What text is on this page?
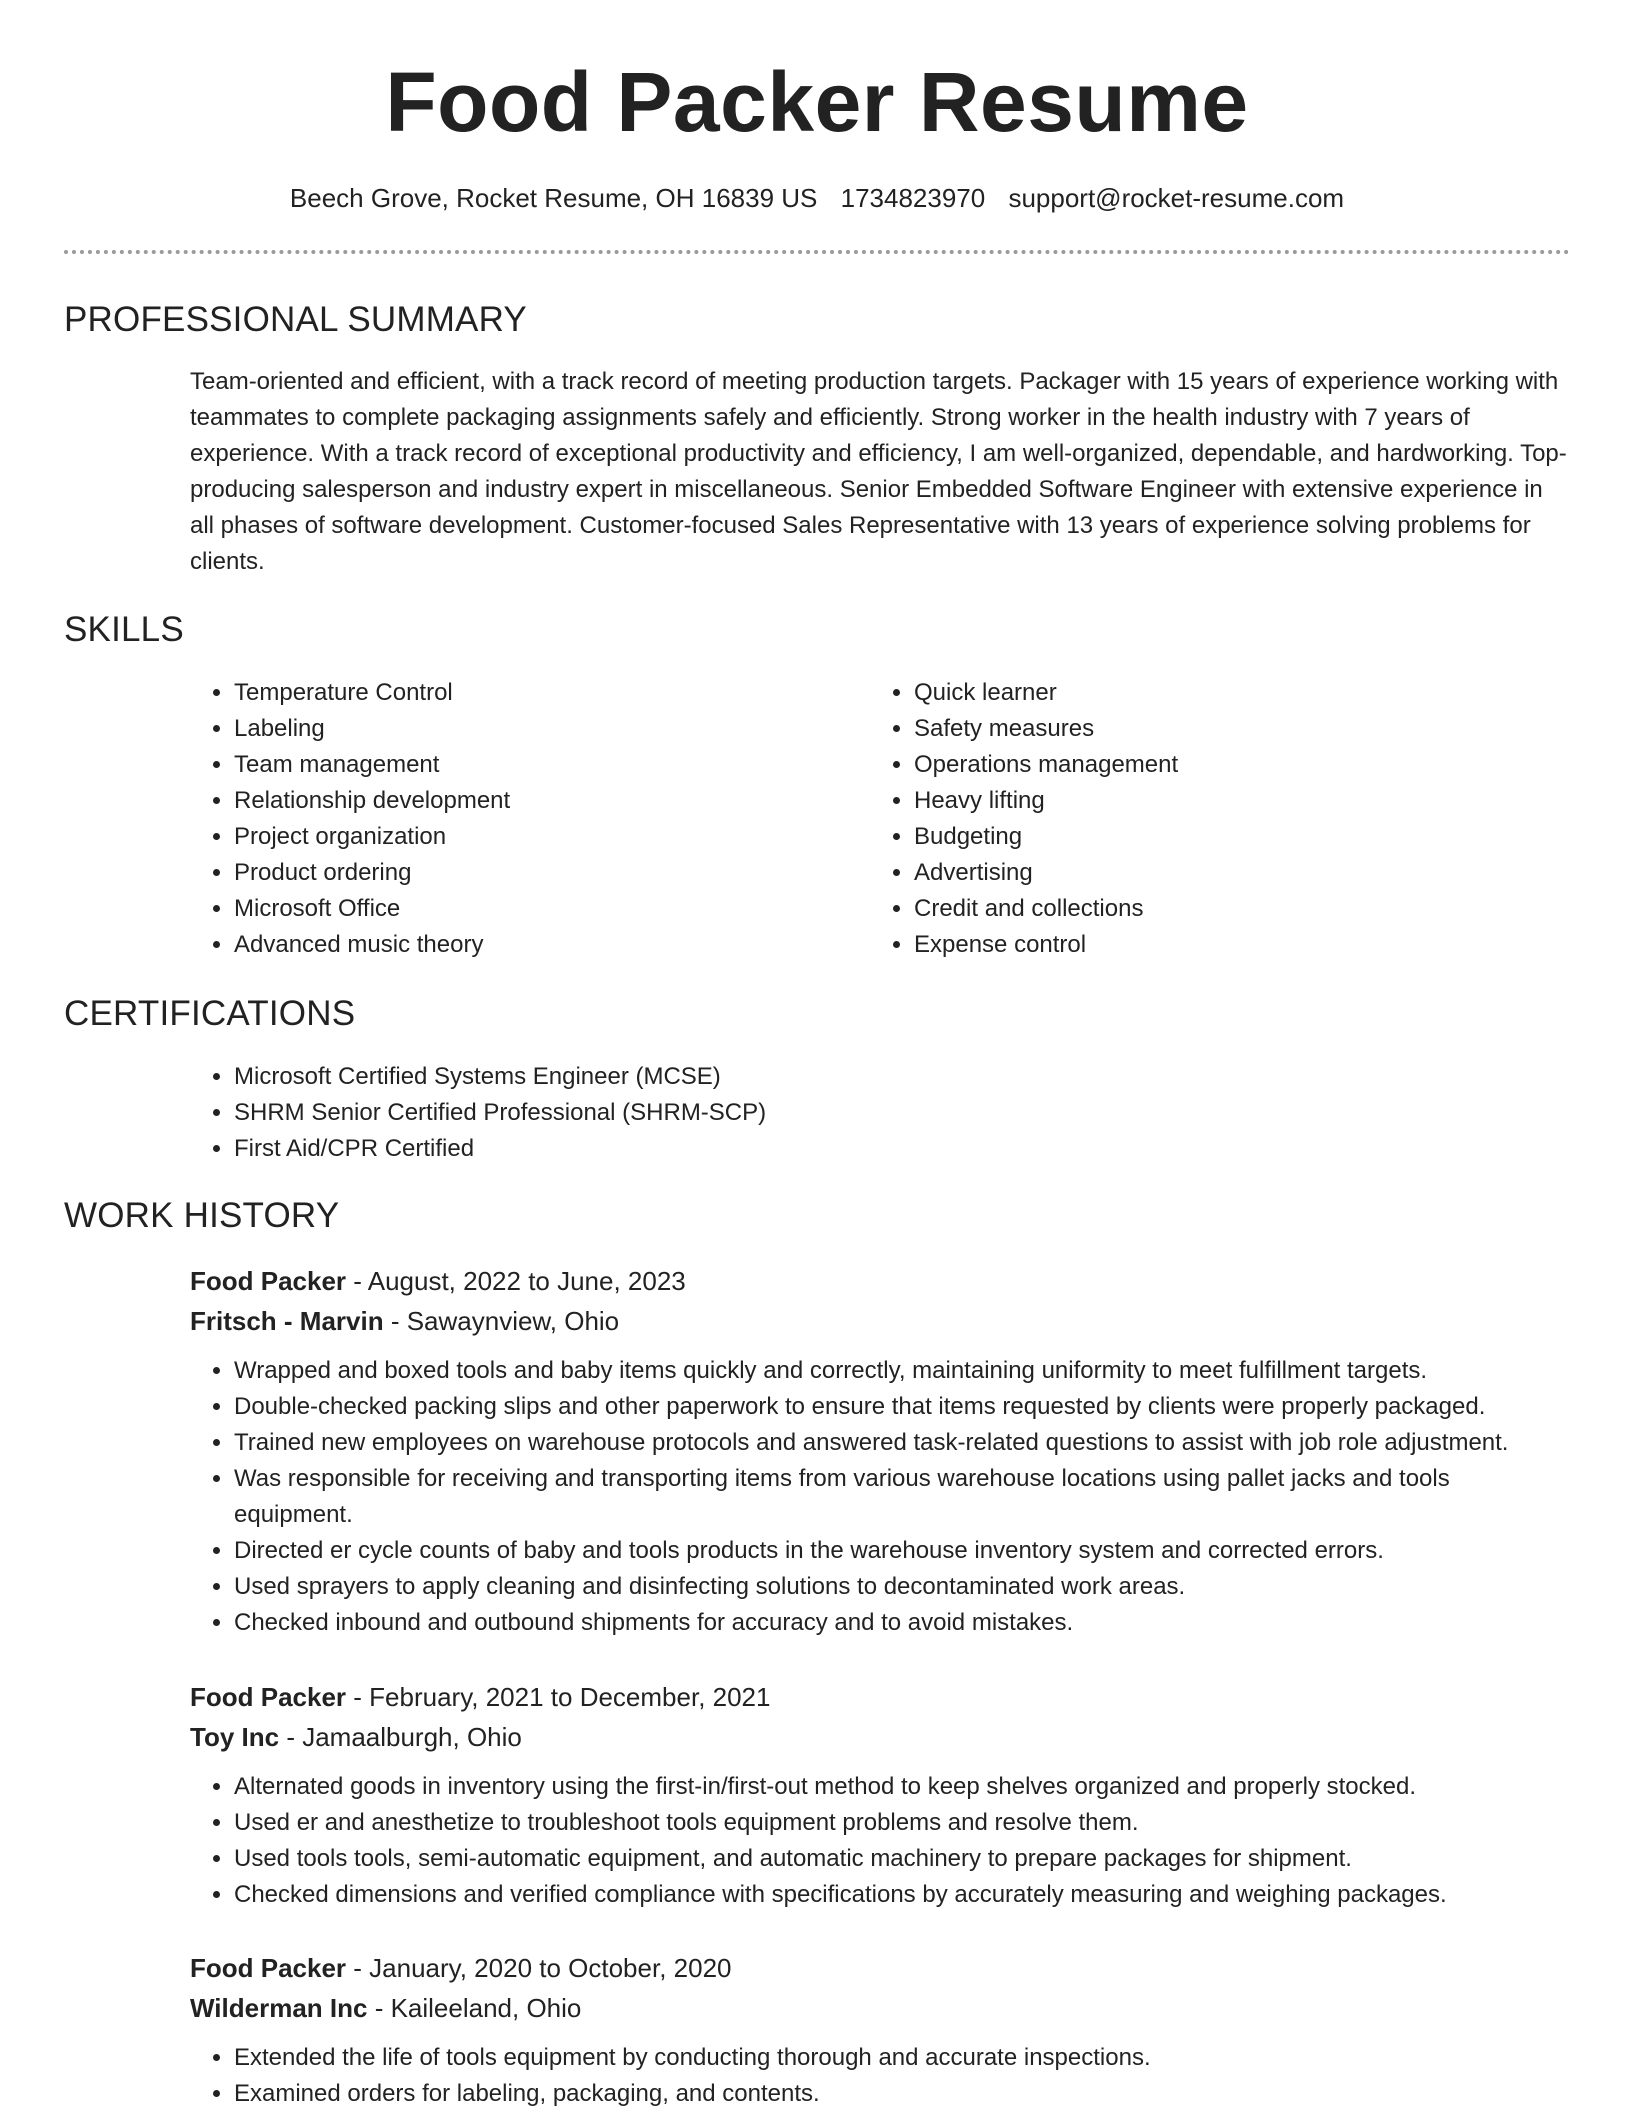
Food Packer Resume
Beech Grove, Rocket Resume, OH 16839 US 1734823970 support@rocket-resume.com
PROFESSIONAL SUMMARY

Team-oriented and efficient, with a track record of meeting production targets. Packager with 15 years of experience working with teammates to complete packaging assignments safely and efficiently. Strong worker in the health industry with 7 years of experience. With a track record of exceptional productivity and efficiency, I am well-organized, dependable, and hardworking. Top-producing salesperson and industry expert in miscellaneous. Senior Embedded Software Engineer with extensive experience in all phases of software development. Customer-focused Sales Representative with 13 years of experience solving problems for clients.

SKILLS
• Temperature Control
• Labeling
• Team management
• Relationship development
• Project organization
• Product ordering
• Microsoft Office
• Advanced music theory
• Quick learner
• Safety measures
• Operations management
• Heavy lifting
• Budgeting
• Advertising
• Credit and collections
• Expense control
CERTIFICATIONS
• Microsoft Certified Systems Engineer (MCSE)
• SHRM Senior Certified Professional (SHRM-SCP)
• First Aid/CPR Certified
WORK HISTORY

Food Packer - August, 2022 to June, 2023

Fritsch - Marvin - Sawaynview, Ohio

• Wrapped and boxed tools and baby items quickly and correctly, maintaining uniformity to meet fulfillment targets.
• Double-checked packing slips and other paperwork to ensure that items requested by clients were properly packaged.
• Trained new employees on warehouse protocols and answered task-related questions to assist with job role adjustment.
• Was responsible for receiving and transporting items from various warehouse locations using pallet jacks and tools equipment.
• Directed er cycle counts of baby and tools products in the warehouse inventory system and corrected errors.
• Used sprayers to apply cleaning and disinfecting solutions to decontaminated work areas.
• Checked inbound and outbound shipments for accuracy and to avoid mistakes.

Food Packer - February, 2021 to December, 2021

Toy Inc - Jamaalburgh, Ohio

• Alternated goods in inventory using the first-in/first-out method to keep shelves organized and properly stocked.
• Used er and anesthetize to troubleshoot tools equipment problems and resolve them.
• Used tools tools, semi-automatic equipment, and automatic machinery to prepare packages for shipment.
• Checked dimensions and verified compliance with specifications by accurately measuring and weighing packages.

Food Packer - January, 2020 to October, 2020

Wilderman Inc - Kaileeland, Ohio

• Extended the life of tools equipment by conducting thorough and accurate inspections.
• Examined orders for labeling, packaging, and contents.
